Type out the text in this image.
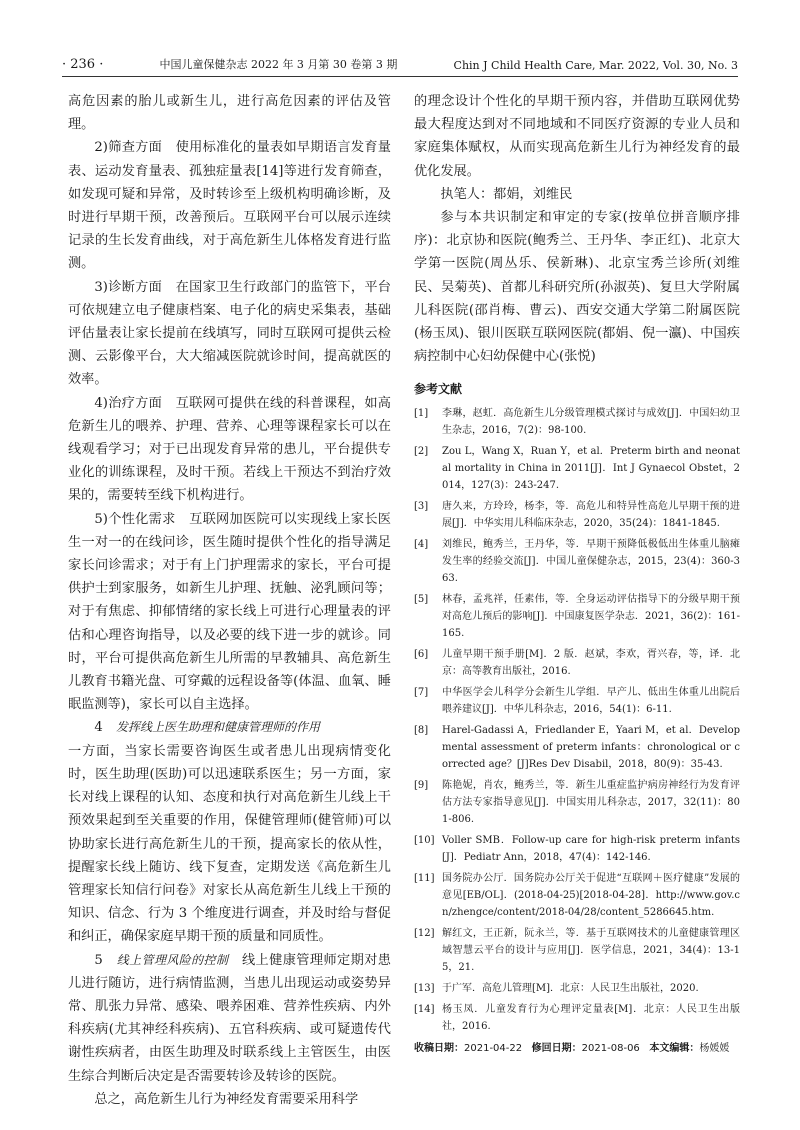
· 236 ·	中国儿童保健杂志 2022 年 3 月第 30 卷第 3 期	Chin J Child Health Care, Mar. 2022, Vol. 30, No. 3

高危因素的胎儿或新生儿，进行高危因素的评估及管理。

2)筛查方面　使用标准化的量表如早期语言发育量表、运动发育量表、孤独症量表[14]等进行发育筛查，如发现可疑和异常，及时转诊至上级机构明确诊断，及时进行早期干预，改善预后。互联网平台可以展示连续记录的生长发育曲线，对于高危新生儿体格发育进行监测。

3)诊断方面　在国家卫生行政部门的监管下，平台可依规建立电子健康档案、电子化的病史采集表，基础评估量表让家长提前在线填写，同时互联网可提供云检测、云影像平台，大大缩减医院就诊时间，提高就医的效率。

4)治疗方面　互联网可提供在线的科普课程，如高危新生儿的喂养、护理、营养、心理等课程家长可以在线观看学习；对于已出现发育异常的患儿，平台提供专业化的训练课程，及时干预。若线上干预达不到治疗效果的，需要转至线下机构进行。

5)个性化需求　互联网加医院可以实现线上家长医生一对一的在线问诊，医生随时提供个性化的指导满足家长问诊需求；对于有上门护理需求的家长，平台可提供护士到家服务，如新生儿护理、抚触、泌乳顾问等；对于有焦虑、抑郁情绪的家长线上可进行心理量表的评估和心理咨询指导，以及必要的线下进一步的就诊。同时，平台可提供高危新生儿所需的早教辅具、高危新生儿教育书籍光盘、可穿戴的远程设备等(体温、血氧、睡眠监测等)，家长可以自主选择。

4　 发挥线上医生助理和健康管理师的作用

一方面，当家长需要咨询医生或者患儿出现病情变化时，医生助理(医助)可以迅速联系医生；另一方面，家长对线上课程的认知、态度和执行对高危新生儿线上干预效果起到至关重要的作用，保健管理师(健管师)可以协助家长进行高危新生儿的干预，提高家长的依从性，提醒家长线上随访、线下复查，定期发送《高危新生儿管理家长知信行问卷》对家长从高危新生儿线上干预的知识、信念、行为 3 个维度进行调查，并及时给与督促和纠正，确保家庭早期干预的质量和同质性。

5　 线上管理风险的控制　 线上健康管理师定期对患儿进行随访，进行病情监测，当患儿出现运动或姿势异常、肌张力异常、感染、喂养困难、营养性疾病、内外科疾病(尤其神经科疾病)、五官科疾病、或可疑遗传代谢性疾病者，由医生助理及时联系线上主管医生，由医生综合判断后决定是否需要转诊及转诊的医院。

总之，高危新生儿行为神经发育需要采用科学

的理念设计个性化的早期干预内容，并借助互联网优势最大程度达到对不同地域和不同医疗资源的专业人员和家庭集体赋权，从而实现高危新生儿行为神经发育的最优化发展。

执笔人：都娟，刘维民

参与本共识制定和审定的专家(按单位拼音顺序排序)：北京协和医院(鲍秀兰、王丹华、李正红)、北京大学第一医院(周丛乐、侯新琳)、北京宝秀兰诊所(刘维民、吴菊英)、首都儿科研究所(孙淑英)、复旦大学附属儿科医院(邵肖梅、曹云)、西安交通大学第二附属医院(杨玉凤)、银川医联互联网医院(都娟、倪一瀛)、中国疾病控制中心妇幼保健中心(张悦)

参考文献
[1]	李琳，赵虹．高危新生儿分级管理模式探讨与成效[J]．中国妇幼卫生杂志，2016，7(2)：98-100.
[2]	Zou L，Wang X，Ruan Y，et al．Preterm birth and neonatal mortality in China in 2011[J]．Int J Gynaecol Obstet，2014，127(3)：243-247.
[3]	唐久来，方玲玲，杨李，等．高危儿和特异性高危儿早期干预的进展[J]．中华实用儿科临床杂志，2020，35(24)：1841-1845.
[4]	刘维民，鲍秀兰，王丹华，等．早期干预降低极低出生体重儿脑瘫发生率的经验交流[J]．中国儿童保健杂志，2015，23(4)：360-363.
[5]	林春，孟兆祥，任素伟，等．全身运动评估指导下的分级早期干预对高危儿预后的影响[J]．中国康复医学杂志．2021，36(2)：161-165.
[6]	儿童早期干预手册[M]．2 版．赵斌，李欢，胥兴春，等，译．北京：高等教育出版社，2016.
[7]	中华医学会儿科学分会新生儿学组．早产儿、低出生体重儿出院后喂养建议[J]．中华儿科杂志，2016，54(1)：6-11.
[8]	Harel-Gadassi A，Friedlander E，Yaari M，et al．Developmental assessment of preterm infants：chronological or corrected age？[J]Res Dev Disabil，2018，80(9)：35-43.
[9]	陈艳妮，肖农，鲍秀兰，等．新生儿重症监护病房神经行为发育评估方法专家指导意见[J]．中国实用儿科杂志，2017，32(11)：801-806.
[10] Voller SMB．Follow-up care for high-risk preterm infants[J]．Pediatr Ann，2018，47(4)：142-146.
[11] 国务院办公厅．国务院办公厅关于促进“互联网＋医疗健康”发展的意见[EB/OL]．(2018-04-25)[2018-04-28]．http://www.gov.cn/zhengce/content/2018-04/28/content_5286645.htm.
[12] 解红文，王正新，阮永兰，等．基于互联网技术的儿童健康管理区域智慧云平台的设计与应用[J]．医学信息，2021，34(4)：13-15，21.
[13] 于广军．高危儿管理[M]．北京：人民卫生出版社，2020.
[14] 杨玉凤．儿童发育行为心理评定量表[M]．北京：人民卫生出版社，2016.
收稿日期：2021-04-22 修回日期：2021-08-06 本文编辑：杨媛媛
